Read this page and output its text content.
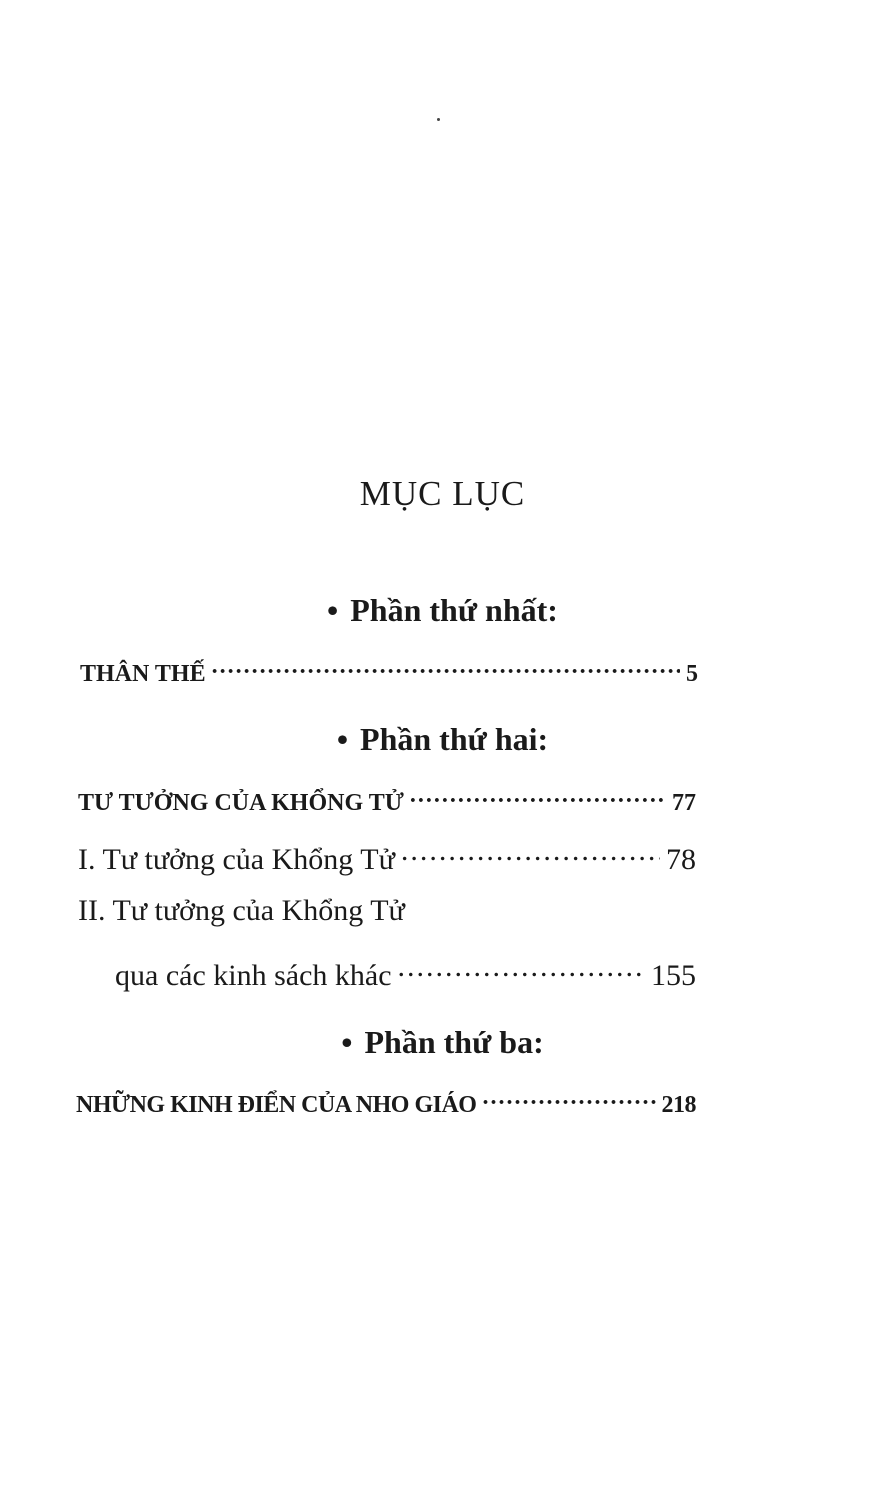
MỤC LỤC
• Phần thứ nhất:
THÂN THẾ .....	5
• Phần thứ hai:
TƯ TƯỞNG CỦA KHỔNG TỬ .....	77
I. Tư tưởng của Khổng Tử .....	78
II. Tư tưởng của Khổng Tử
qua các kinh sách khác .....	155
• Phần thứ ba:
NHỮNG KINH ĐIỂN CỦA NHO GIÁO .....	218
